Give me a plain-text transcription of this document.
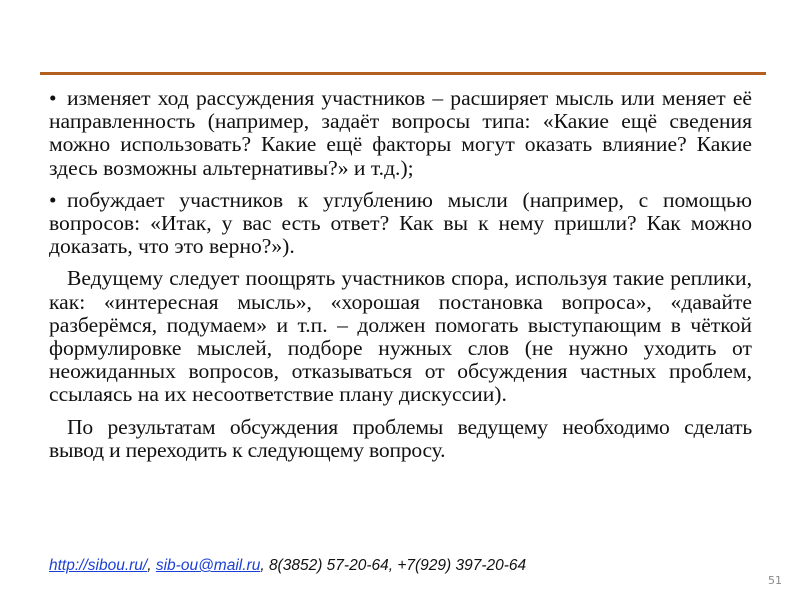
• изменяет ход рассуждения участников – расширяет мысль или меняет её направленность (например, задаёт вопросы типа: «Какие ещё сведения можно использовать? Какие ещё факторы могут оказать влияние? Какие здесь возможны альтернативы?» и т.д.);

• побуждает участников к углублению мысли (например, с помощью вопросов: «Итак, у вас есть ответ? Как вы к нему пришли? Как можно доказать, что это верно?»).

Ведущему следует поощрять участников спора, используя такие реплики, как: «интересная мысль», «хорошая постановка вопроса», «давайте разберёмся, подумаем» и т.п. – должен помогать выступающим в чёткой формулировке мыслей, подборе нужных слов (не нужно уходить от неожиданных вопросов, отказываться от обсуждения частных проблем, ссылаясь на их несоответствие плану дискуссии).

По результатам обсуждения проблемы ведущему необходимо сделать вывод и переходить к следующему вопросу.

http://sibou.ru/, sib-ou@mail.ru, 8(3852) 57-20-64, +7(929) 397-20-64
51
